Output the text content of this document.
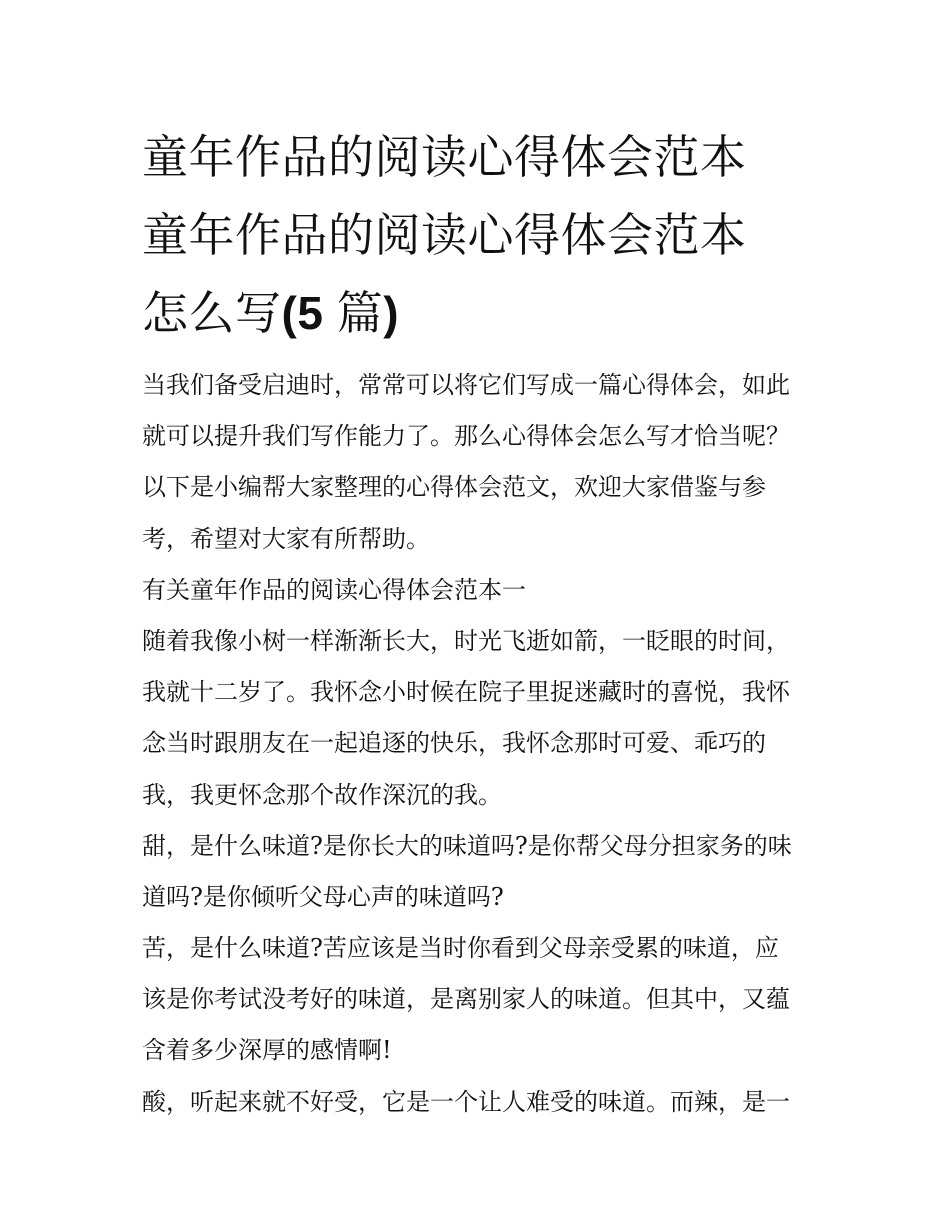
童年作品的阅读心得体会范本
童年作品的阅读心得体会范本
怎么写(5 篇)
当我们备受启迪时，常常可以将它们写成一篇心得体会，如此
就可以提升我们写作能力了。那么心得体会怎么写才恰当呢？
以下是小编帮大家整理的心得体会范文，欢迎大家借鉴与参
考，希望对大家有所帮助。
有关童年作品的阅读心得体会范本一
随着我像小树一样渐渐长大，时光飞逝如箭，一眨眼的时间，
我就十二岁了。我怀念小时候在院子里捉迷藏时的喜悦，我怀
念当时跟朋友在一起追逐的快乐，我怀念那时可爱、乖巧的
我，我更怀念那个故作深沉的我。
甜，是什么味道?是你长大的味道吗?是你帮父母分担家务的味
道吗?是你倾听父母心声的味道吗?
苦，是什么味道?苦应该是当时你看到父母亲受累的味道，应
该是你考试没考好的味道，是离别家人的味道。但其中，又蕴
含着多少深厚的感情啊!
酸，听起来就不好受，它是一个让人难受的味道。而辣，是一
